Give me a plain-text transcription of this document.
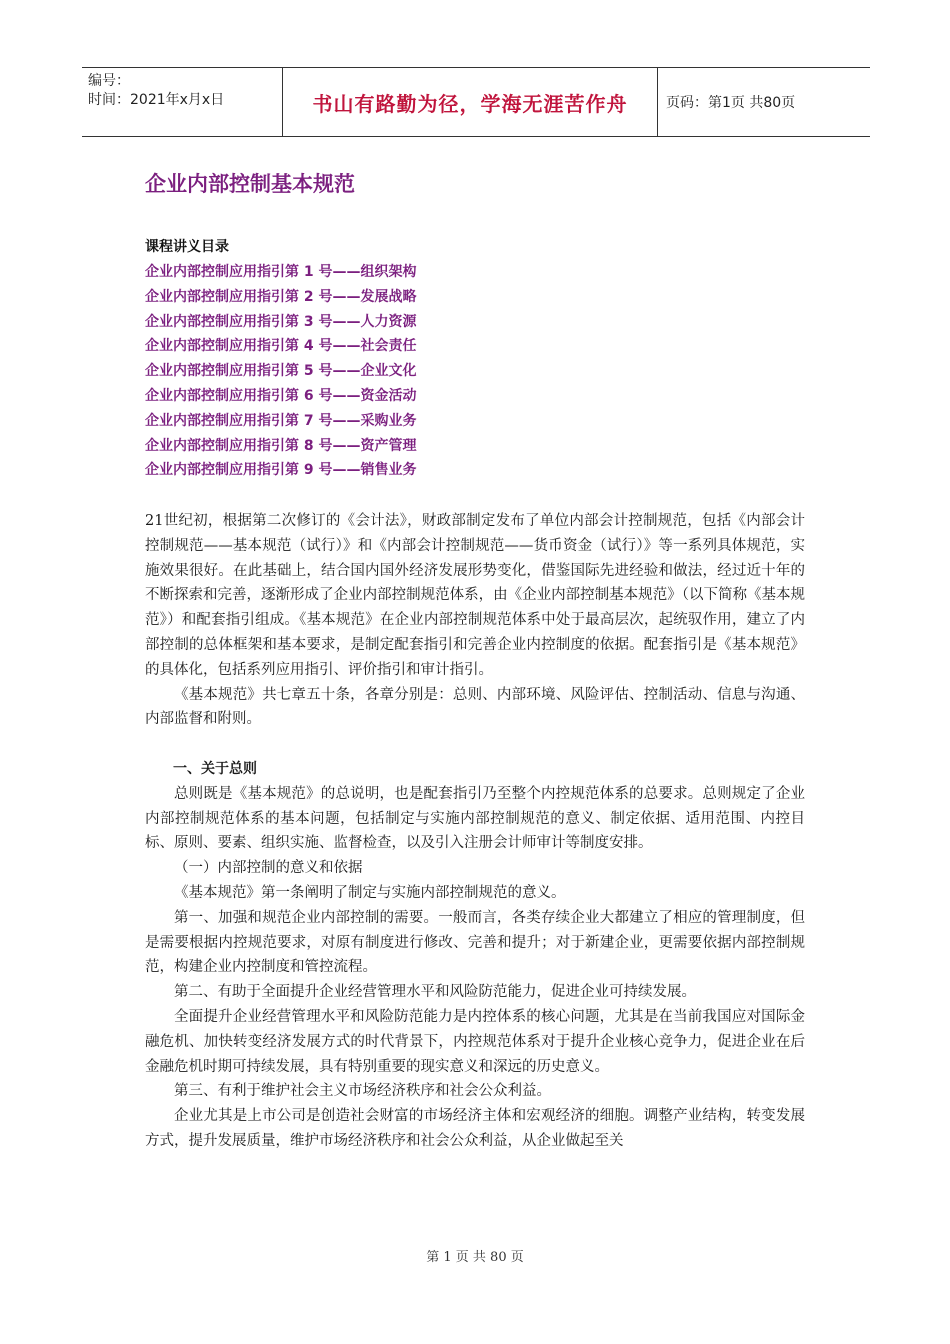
编号：
时间：2021年x月x日	书山有路勤为径，学海无涯苦作舟	页码：第1页 共80页
企业内部控制基本规范
课程讲义目录
企业内部控制应用指引第 1 号——组织架构
企业内部控制应用指引第 2 号——发展战略
企业内部控制应用指引第 3 号——人力资源
企业内部控制应用指引第 4 号——社会责任
企业内部控制应用指引第 5 号——企业文化
企业内部控制应用指引第 6 号——资金活动
企业内部控制应用指引第 7 号——采购业务
企业内部控制应用指引第 8 号——资产管理
企业内部控制应用指引第 9 号——销售业务

21世纪初，根据第二次修订的《会计法》，财政部制定发布了单位内部会计控制规范，包括《内部会计控制规范——基本规范（试行）》和《内部会计控制规范——货币资金（试行）》等一系列具体规范，实施效果很好。在此基础上，结合国内国外经济发展形势变化，借鉴国际先进经验和做法，经过近十年的不断探索和完善，逐渐形成了企业内部控制规范体系，由《企业内部控制基本规范》（以下简称《基本规范》）和配套指引组成。《基本规范》在企业内部控制规范体系中处于最高层次，起统驭作用，建立了内部控制的总体框架和基本要求，是制定配套指引和完善企业内控制度的依据。配套指引是《基本规范》的具体化，包括系列应用指引、评价指引和审计指引。

《基本规范》共七章五十条，各章分别是：总则、内部环境、风险评估、控制活动、信息与沟通、内部监督和附则。

一、关于总则

总则既是《基本规范》的总说明，也是配套指引乃至整个内控规范体系的总要求。总则规定了企业内部控制规范体系的基本问题，包括制定与实施内部控制规范的意义、制定依据、适用范围、内控目标、原则、要素、组织实施、监督检查，以及引入注册会计师审计等制度安排。

（一）内部控制的意义和依据

《基本规范》第一条阐明了制定与实施内部控制规范的意义。

第一、加强和规范企业内部控制的需要。一般而言，各类存续企业大都建立了相应的管理制度，但是需要根据内控规范要求，对原有制度进行修改、完善和提升；对于新建企业，更需要依据内部控制规范，构建企业内控制度和管控流程。

第二、有助于全面提升企业经营管理水平和风险防范能力，促进企业可持续发展。

全面提升企业经营管理水平和风险防范能力是内控体系的核心问题，尤其是在当前我国应对国际金融危机、加快转变经济发展方式的时代背景下，内控规范体系对于提升企业核心竞争力，促进企业在后金融危机时期可持续发展，具有特别重要的现实意义和深远的历史意义。

第三、有利于维护社会主义市场经济秩序和社会公众利益。

企业尤其是上市公司是创造社会财富的市场经济主体和宏观经济的细胞。调整产业结构，转变发展方式，提升发展质量，维护市场经济秩序和社会公众利益，从企业做起至关

第 1 页 共 80 页
